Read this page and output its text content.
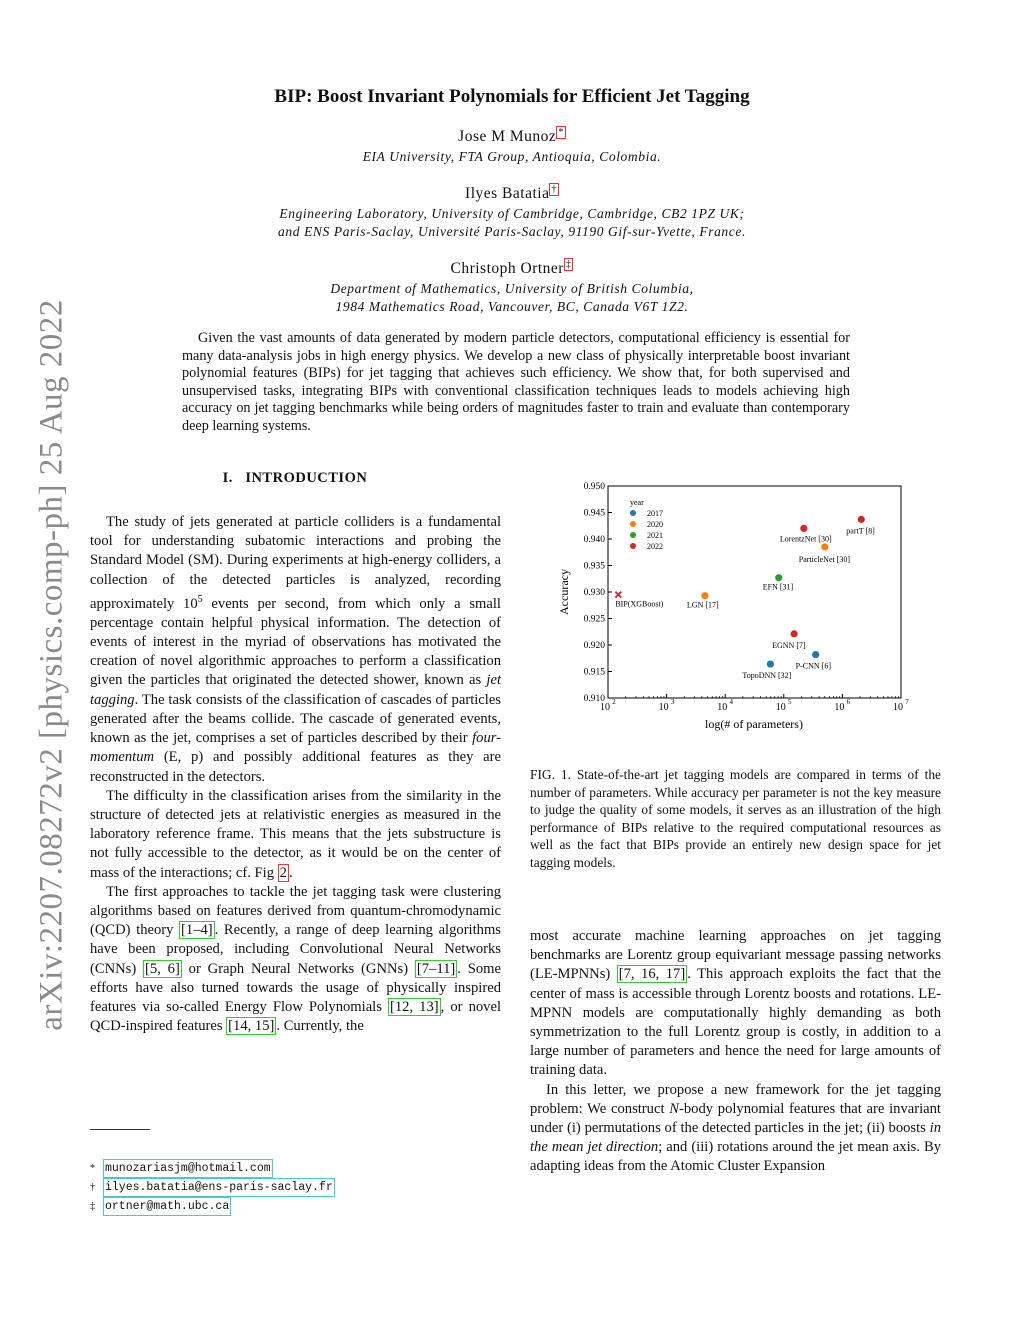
arXiv:2207.08272v2 [physics.comp-ph] 25 Aug 2022
BIP: Boost Invariant Polynomials for Efficient Jet Tagging
Jose M Munoz *
EIA University, FTA Group, Antioquia, Colombia.
Ilyes Batatia †
Engineering Laboratory, University of Cambridge, Cambridge, CB2 1PZ UK;
and ENS Paris-Saclay, Université Paris-Saclay, 91190 Gif-sur-Yvette, France.
Christoph Ortner ‡
Department of Mathematics, University of British Columbia,
1984 Mathematics Road, Vancouver, BC, Canada V6T 1Z2.
Given the vast amounts of data generated by modern particle detectors, computational efficiency is essential for many data-analysis jobs in high energy physics. We develop a new class of physically interpretable boost invariant polynomial features (BIPs) for jet tagging that achieves such efficiency. We show that, for both supervised and unsupervised tasks, integrating BIPs with conventional classification techniques leads to models achieving high accuracy on jet tagging benchmarks while being orders of magnitudes faster to train and evaluate than contemporary deep learning systems.
I. INTRODUCTION

The study of jets generated at particle colliders is a fundamental tool for understanding subatomic interactions and probing the Standard Model (SM). During experiments at high-energy colliders, a collection of the detected particles is analyzed, recording approximately $10^5$ events per second, from which only a small percentage contain helpful physical information. The detection of events of interest in the myriad of observations has motivated the creation of novel algorithmic approaches to perform a classification given the particles that originated the detected shower, known as jet tagging. The task consists of the classification of cascades of particles generated after the beams collide. The cascade of generated events, known as the jet, comprises a set of particles described by their four-momentum (E, p) and possibly additional features as they are reconstructed in the detectors.

The difficulty in the classification arises from the similarity in the structure of detected jets at relativistic energies as measured in the laboratory reference frame. This means that the jets substructure is not fully accessible to the detector, as it would be on the center of mass of the interactions; cf. Fig 2 .

The first approaches to tackle the jet tagging task were clustering algorithms based on features derived from quantum-chromodynamic (QCD) theory [1–4] . Recently, a range of deep learning algorithms have been proposed, including Convolutional Neural Networks (CNNs) [5, 6] or Graph Neural Networks (GNNs) [7–11] . Some efforts have also turned towards the usage of physically inspired features via so-called Energy Flow Polynomials [12, 13] , or novel QCD-inspired features [14, 15] . Currently, the

0.910
0.915
0.920
0.925
0.930
0.935
0.940
0.945
0.950
10 2	10 3	10 4	10 5	10 6	10 7
BIP(XGBoost)	LGN [17]
EFN [31]
LorentzNet [30]
ParticleNet [30]
partT [8]
EGNN [7]
P-CNN [6]
TopoDNN [32]
year
2017
2020
2021
2022
log(# of parameters)
Accuracy
FIG. 1. State-of-the-art jet tagging models are compared in terms of the number of parameters. While accuracy per parameter is not the key measure to judge the quality of some models, it serves as an illustration of the high performance of BIPs relative to the required computational resources as well as the fact that BIPs provide an entirely new design space for jet tagging models.

most accurate machine learning approaches on jet tagging benchmarks are Lorentz group equivariant message passing networks (LE-MPNNs) [7, 16, 17] . This approach exploits the fact that the center of mass is accessible through Lorentz boosts and rotations. LE-MPNN models are computationally highly demanding as both symmetrization to the full Lorentz group is costly, in addition to a large number of parameters and hence the need for large amounts of training data.

In this letter, we propose a new framework for the jet tagging problem: We construct N-body polynomial features that are invariant under (i) permutations of the detected particles in the jet; (ii) boosts in the mean jet direction; and (iii) rotations around the jet mean axis. By adapting ideas from the Atomic Cluster Expansion

* munozariasjm@hotmail.com
† ilyes.batatia@ens-paris-saclay.fr
‡ ortner@math.ubc.ca
